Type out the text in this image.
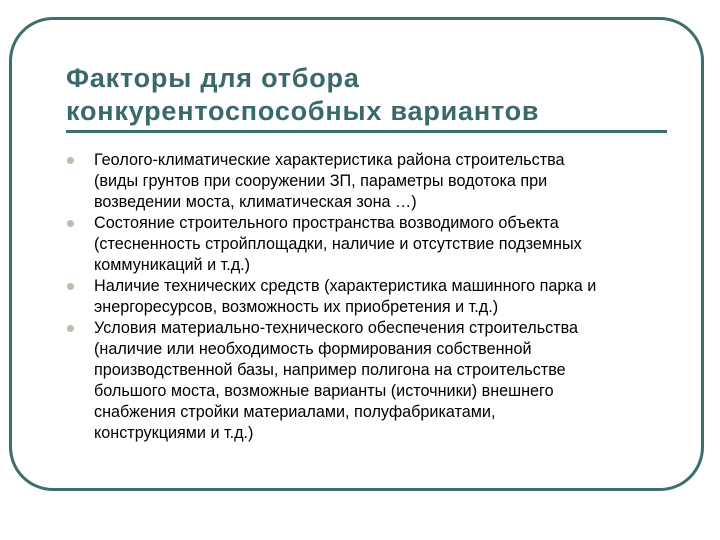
Факторы для отбора
конкурентоспособных вариантов
Геолого-климатические характеристика района строительства
(виды грунтов при сооружении ЗП, параметры водотока при
возведении моста, климатическая зона …)
Состояние строительного пространства возводимого объекта
(стесненность стройплощадки, наличие и отсутствие подземных
коммуникаций и т.д.)
Наличие технических средств (характеристика машинного парка и
энергоресурсов, возможность их приобретения и т.д.)
Условия материально-технического обеспечения строительства
(наличие или необходимость формирования собственной
производственной базы, например полигона на строительстве
большого моста, возможные варианты (источники) внешнего
снабжения стройки материалами, полуфабрикатами,
конструкциями и т.д.)
